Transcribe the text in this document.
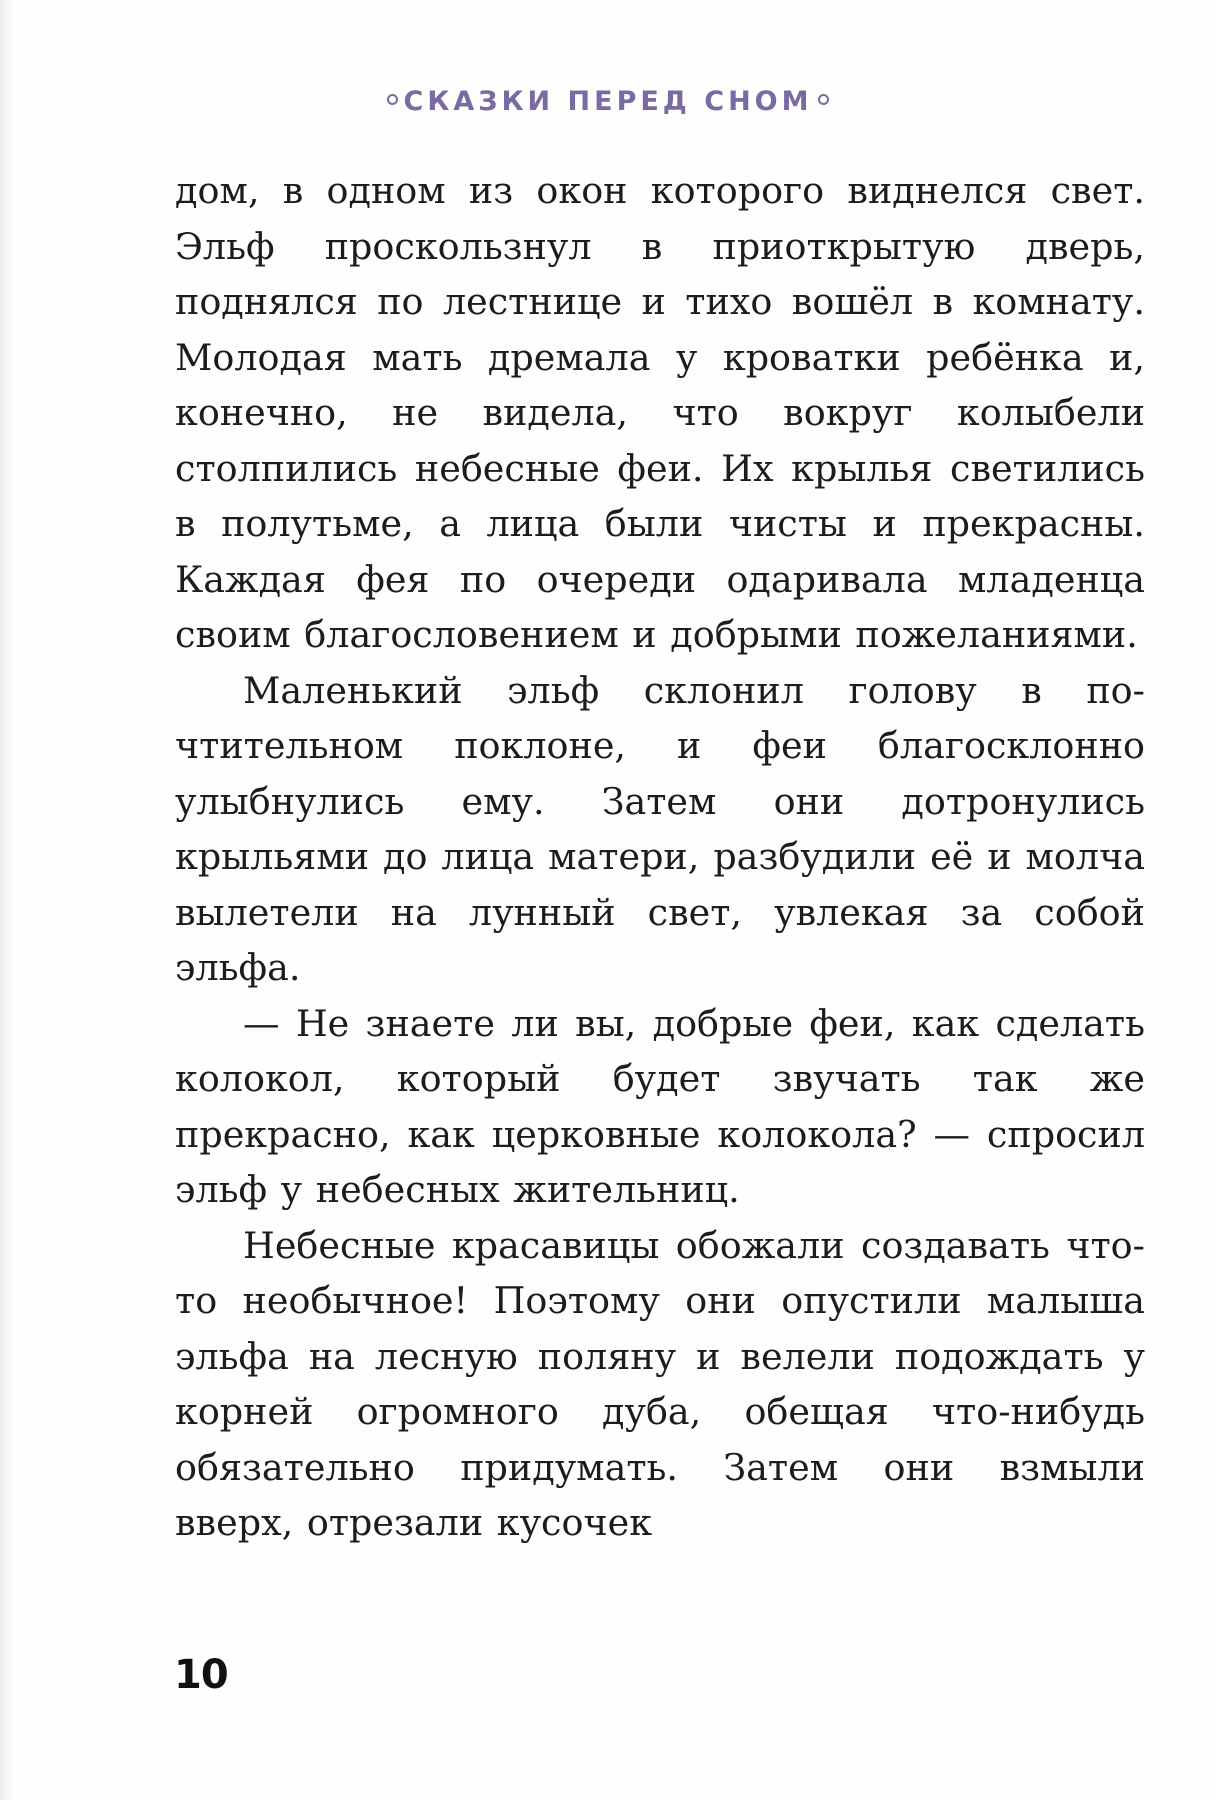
СКАЗКИ ПЕРЕД СНОМ

дом, в одном из окон которого виднелся свет. Эльф проскользнул в приоткрытую дверь, поднялся по лестнице и тихо вошёл в комнату. Молодая мать дремала у кроватки ребёнка и, конечно, не видела, что вокруг колыбели столпились небесные феи. Их крылья светились в полутьме, а лица были чисты и прекрасны. Каждая фея по очереди одаривала младенца своим благословением и добрыми пожеланиями.

Маленький эльф склонил голову в почтительном поклоне, и феи благосклонно улыбнулись ему. Затем они дотронулись крыльями до лица матери, разбудили её и молча вылетели на лунный свет, увлекая за собой эльфа.

— Не знаете ли вы, добрые феи, как сделать колокол, который будет звучать так же прекрасно, как церковные колокола? — спросил эльф у небесных жительниц.

Небесные красавицы обожали создавать что-то необычное! Поэтому они опустили малыша эльфа на лесную поляну и велели подождать у корней огромного дуба, обещая что-нибудь обязательно придумать. Затем они взмыли вверх, отрезали кусочек

10
